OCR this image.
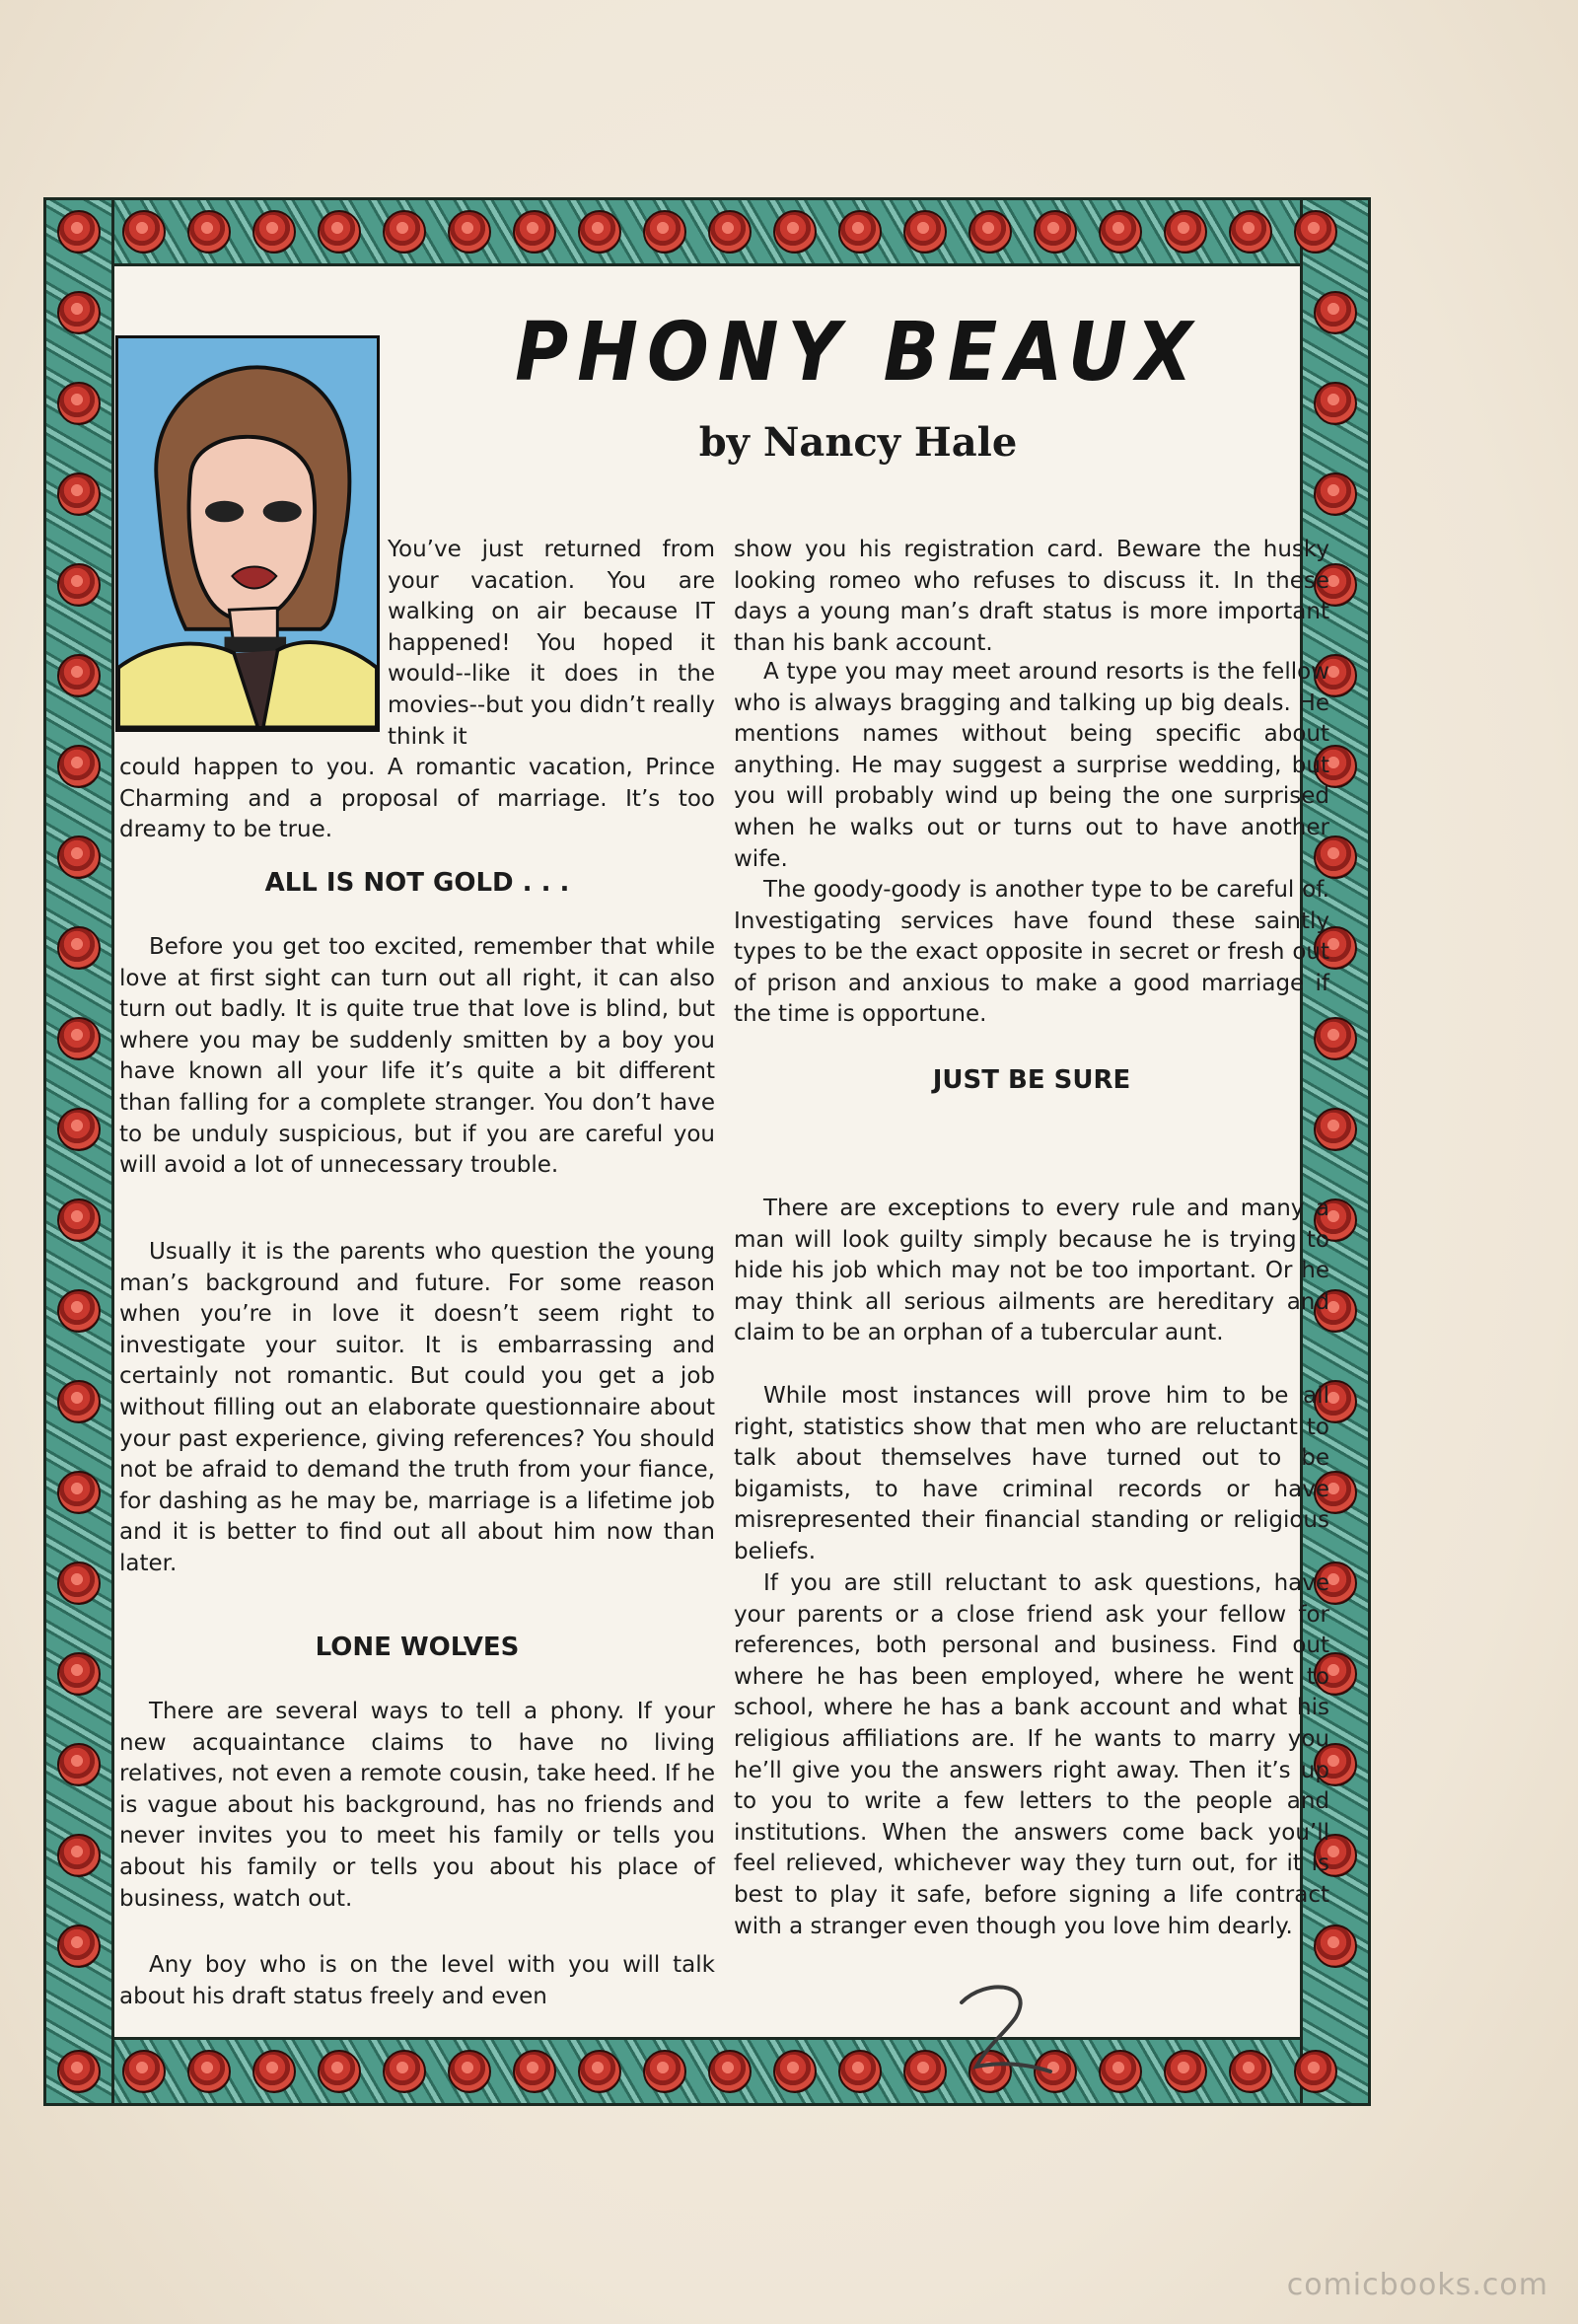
PHONY BEAUX
by Nancy Hale

You’ve just returned from your vacation. You are walking on air because IT happened! You hoped it would--like it does in the movies--but you didn’t really think it

could happen to you. A romantic vacation, Prince Charming and a proposal of marriage. It’s too dreamy to be true.

ALL IS NOT GOLD . . .

Before you get too excited, remember that while love at first sight can turn out all right, it can also turn out badly. It is quite true that love is blind, but where you may be suddenly smitten by a boy you have known all your life it’s quite a bit different than falling for a complete stranger. You don’t have to be unduly suspicious, but if you are careful you will avoid a lot of unnecessary trouble.

Usually it is the parents who question the young man’s background and future. For some reason when you’re in love it doesn’t seem right to investigate your suitor. It is embarrassing and certainly not romantic. But could you get a job without filling out an elaborate questionnaire about your past experience, giving references? You should not be afraid to demand the truth from your fiance, for dashing as he may be, marriage is a lifetime job and it is better to find out all about him now than later.

LONE WOLVES

There are several ways to tell a phony. If your new acquaintance claims to have no living relatives, not even a remote cousin, take heed. If he is vague about his background, has no friends and never invites you to meet his family or tells you about his family or tells you about his place of business, watch out.

Any boy who is on the level with you will talk about his draft status freely and even

show you his registration card. Beware the husky looking romeo who refuses to discuss it. In these days a young man’s draft status is more important than his bank account.

A type you may meet around resorts is the fellow who is always bragging and talking up big deals. He mentions names without being specific about anything. He may suggest a surprise wedding, but you will probably wind up being the one surprised when he walks out or turns out to have another wife.

The goody-goody is another type to be careful of. Investigating services have found these saintly types to be the exact opposite in secret or fresh out of prison and anxious to make a good marriage if the time is opportune.

JUST BE SURE

There are exceptions to every rule and many a man will look guilty simply because he is trying to hide his job which may not be too important. Or he may think all serious ailments are hereditary and claim to be an orphan of a tubercular aunt.

While most instances will prove him to be all right, statistics show that men who are reluctant to talk about themselves have turned out to be bigamists, to have criminal records or have misrepresented their financial standing or religious beliefs.

If you are still reluctant to ask questions, have your parents or a close friend ask your fellow for references, both personal and business. Find out where he has been employed, where he went to school, where he has a bank account and what his religious affiliations are. If he wants to marry you he’ll give you the answers right away. Then it’s up to you to write a few letters to the people and institutions. When the answers come back you’ll feel relieved, whichever way they turn out, for it is best to play it safe, before signing a life contract with a stranger even though you love him dearly.

comicbooks.com
